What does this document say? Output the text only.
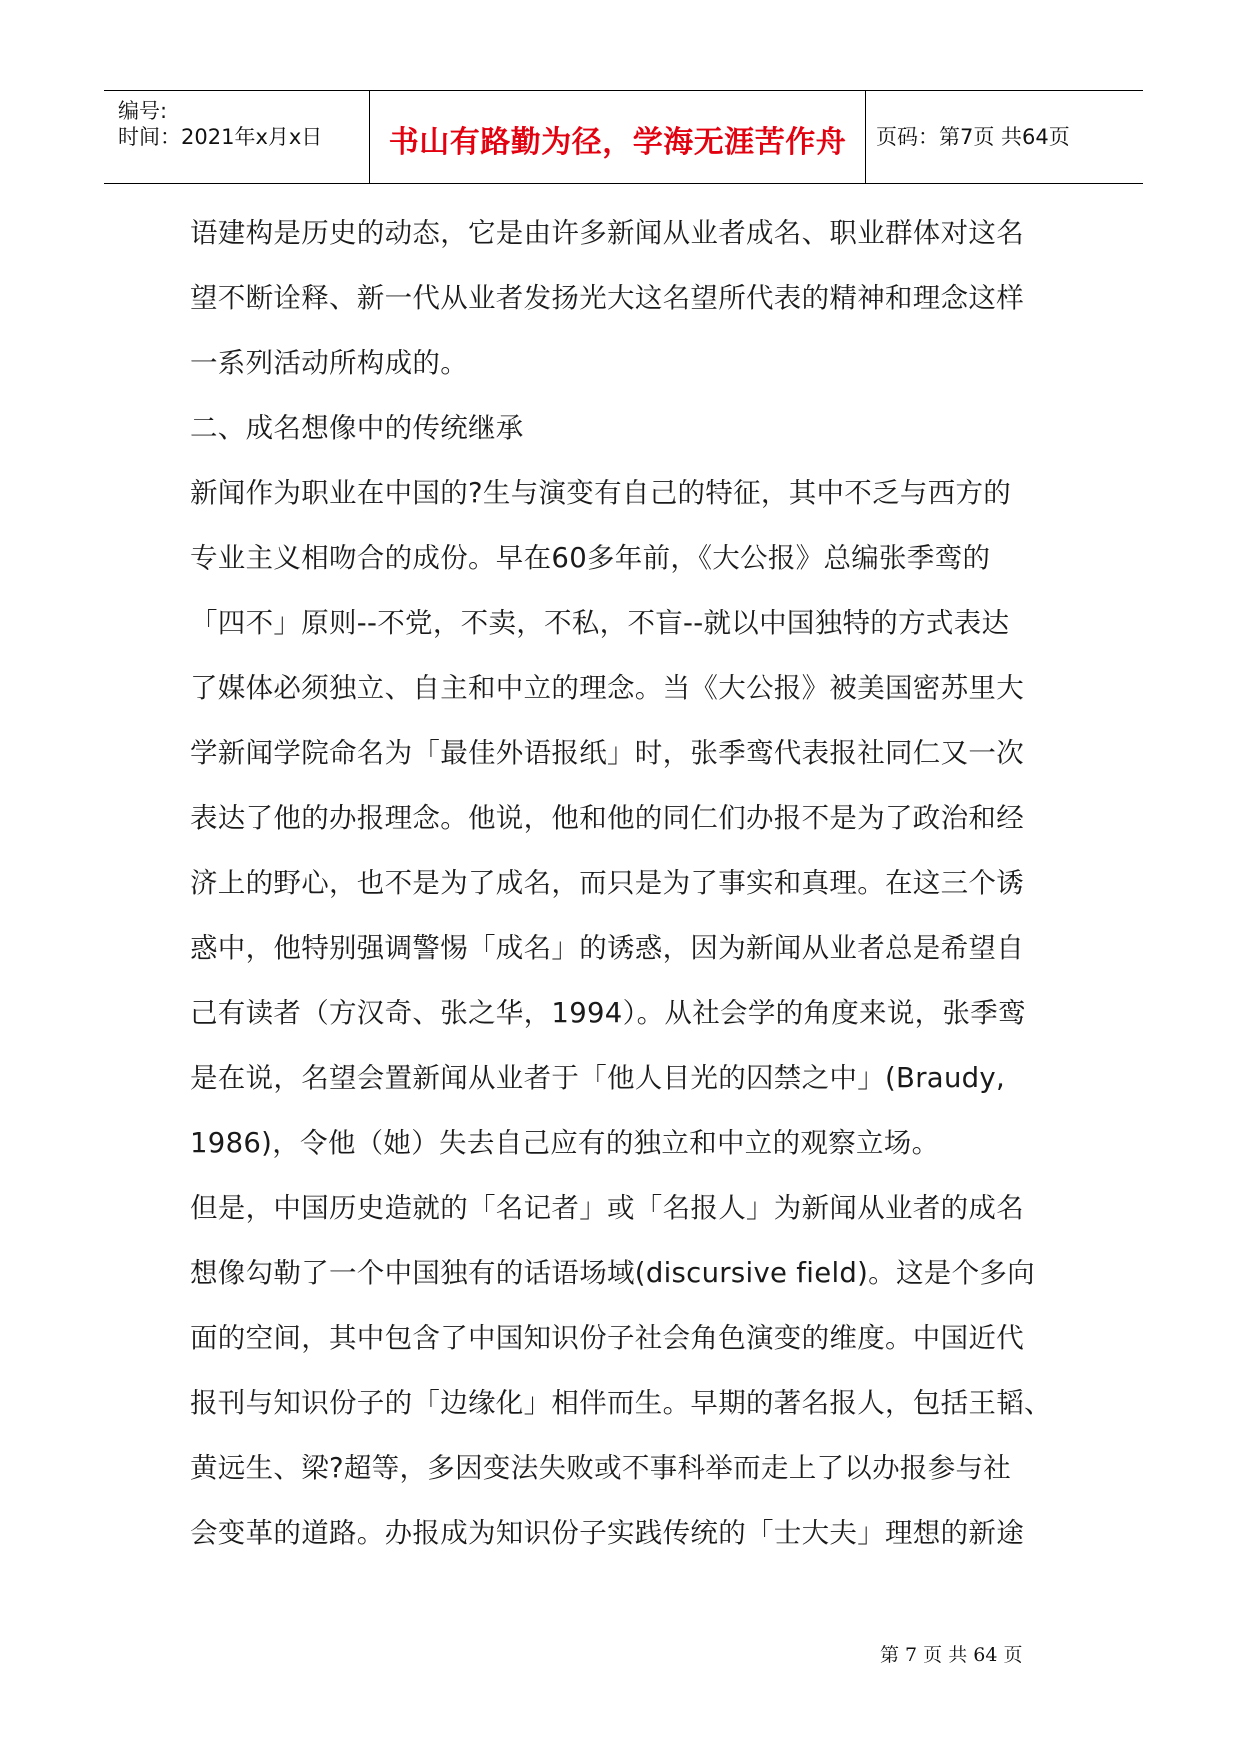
编号:
时间：2021年x月x日	书山有路勤为径，学海无涯苦作舟	页码：第7页 共64页
语建构是历史的动态，它是由许多新闻从业者成名、职业群体对这名
望不断诠释、新一代从业者发扬光大这名望所代表的精神和理念这样
一系列活动所构成的。
二、成名想像中的传统继承
新闻作为职业在中国的?生与演变有自己的特征，其中不乏与西方的
专业主义相吻合的成份。早在60多年前，《大公报》总编张季鸾的
「四不」原则--不党，不卖，不私，不盲--就以中国独特的方式表达
了媒体必须独立、自主和中立的理念。当《大公报》被美国密苏里大
学新闻学院命名为「最佳外语报纸」时，张季鸾代表报社同仁又一次
表达了他的办报理念。他说，他和他的同仁们办报不是为了政治和经
济上的野心，也不是为了成名，而只是为了事实和真理。在这三个诱
惑中，他特别强调警惕「成名」的诱惑，因为新闻从业者总是希望自
己有读者（方汉奇、张之华，1994）。从社会学的角度来说，张季鸾
是在说，名望会置新闻从业者于「他人目光的囚禁之中」(Braudy,
1986)，令他（她）失去自己应有的独立和中立的观察立场。
但是，中国历史造就的「名记者」或「名报人」为新闻从业者的成名
想像勾勒了一个中国独有的话语场域(discursive field)。这是个多向
面的空间，其中包含了中国知识份子社会角色演变的维度。中国近代
报刊与知识份子的「边缘化」相伴而生。早期的著名报人，包括王韬、
黄远生、梁?超等，多因变法失败或不事科举而走上了以办报参与社
会变革的道路。办报成为知识份子实践传统的「士大夫」理想的新途
第 7 页 共 64 页
